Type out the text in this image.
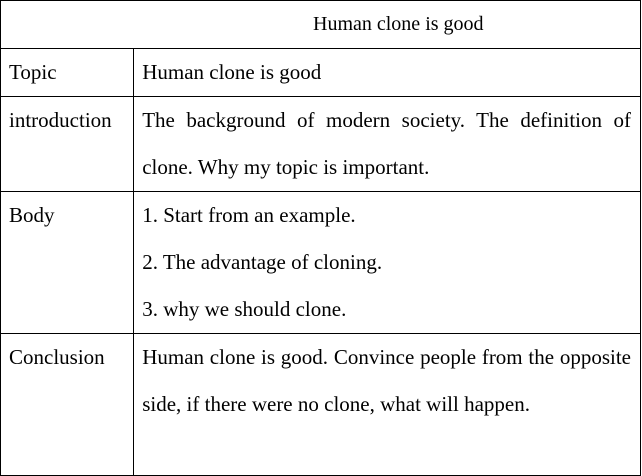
Human clone is good	

Topic	Human clone is good

introduction	The background of modern society. The definition of clone. Why my topic is important.

Body	1. Start from an example.
2. The advantage of cloning.
3. why we should clone.

Conclusion	Human clone is good. Convince people from the opposite side, if there were no clone, what will happen.
